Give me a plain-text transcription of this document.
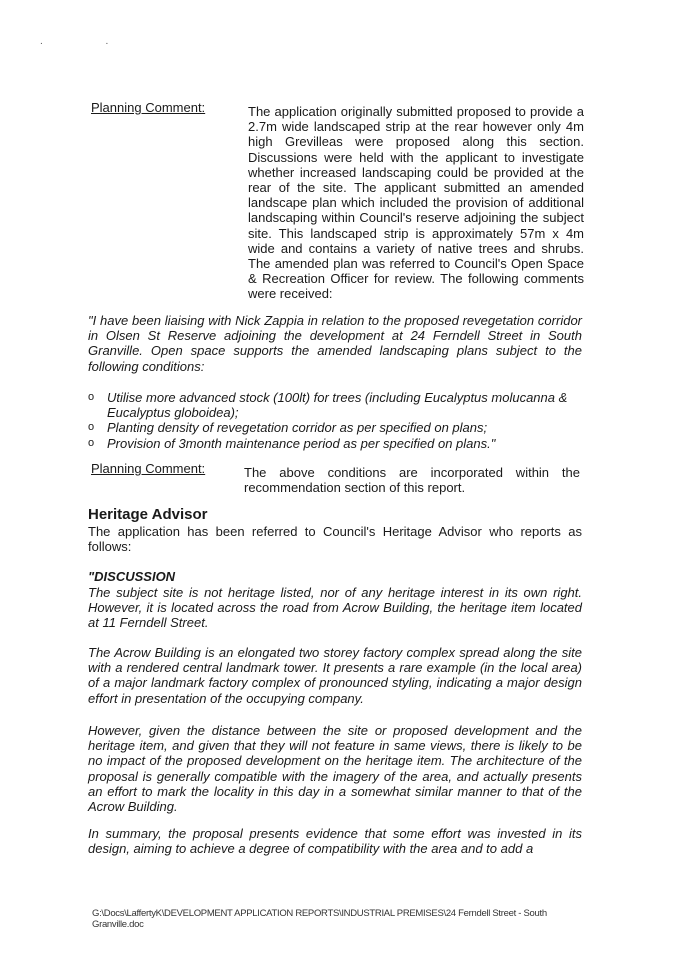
. .
Planning Comment:	The application originally submitted proposed to provide a 2.7m wide landscaped strip at the rear however only 4m high Grevilleas were proposed along this section. Discussions were held with the applicant to investigate whether increased landscaping could be provided at the rear of the site. The applicant submitted an amended landscape plan which included the provision of additional landscaping within Council's reserve adjoining the subject site. This landscaped strip is approximately 57m x 4m wide and contains a variety of native trees and shrubs. The amended plan was referred to Council's Open Space & Recreation Officer for review. The following comments were received:
"I have been liaising with Nick Zappia in relation to the proposed revegetation corridor in Olsen St Reserve adjoining the development at 24 Ferndell Street in South Granville. Open space supports the amended landscaping plans subject to the following conditions:
o Utilise more advanced stock (100lt) for trees (including Eucalyptus molucanna & Eucalyptus globoidea);
o Planting density of revegetation corridor as per specified on plans;
o Provision of 3month maintenance period as per specified on plans."
Planning Comment:	The above conditions are incorporated within the recommendation section of this report.
Heritage Advisor
The application has been referred to Council's Heritage Advisor who reports as follows:
"DISCUSSION
The subject site is not heritage listed, nor of any heritage interest in its own right. However, it is located across the road from Acrow Building, the heritage item located at 11 Ferndell Street.
The Acrow Building is an elongated two storey factory complex spread along the site with a rendered central landmark tower. It presents a rare example (in the local area) of a major landmark factory complex of pronounced styling, indicating a major design effort in presentation of the occupying company.
However, given the distance between the site or proposed development and the heritage item, and given that they will not feature in same views, there is likely to be no impact of the proposed development on the heritage item. The architecture of the proposal is generally compatible with the imagery of the area, and actually presents an effort to mark the locality in this day in a somewhat similar manner to that of the Acrow Building.
In summary, the proposal presents evidence that some effort was invested in its design, aiming to achieve a degree of compatibility with the area and to add a
G:\Docs\LaffertyK\DEVELOPMENT APPLICATION REPORTS\INDUSTRIAL PREMISES\24 Ferndell Street - South Granville.doc
